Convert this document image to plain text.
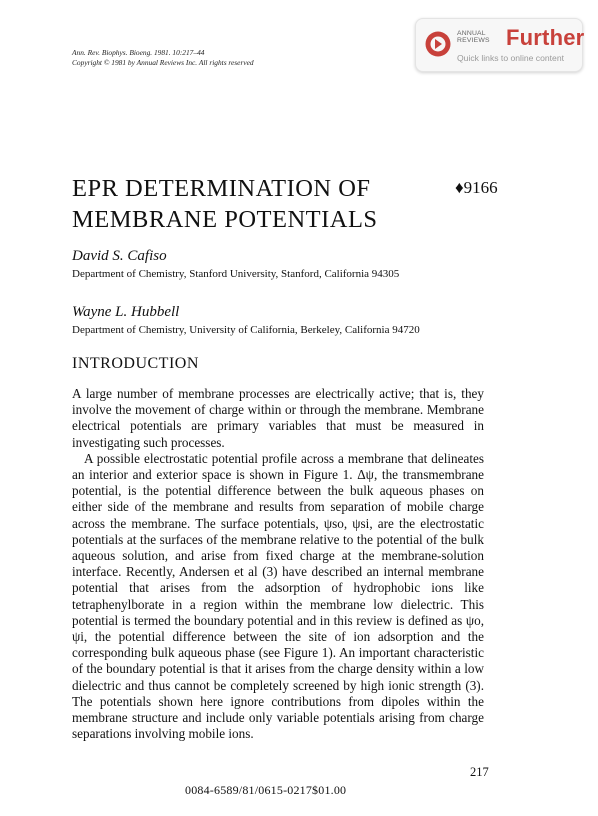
Ann. Rev. Biophys. Bioeng. 1981. 10:217–44
Copyright © 1981 by Annual Reviews Inc. All rights reserved
ANNUAL
REVIEWS Further
Quick links to online content
EPR DETERMINATION OF MEMBRANE POTENTIALS
♦9166
David S. Cafiso
Department of Chemistry, Stanford University, Stanford, California 94305
Wayne L. Hubbell
Department of Chemistry, University of California, Berkeley, California 94720
INTRODUCTION

A large number of membrane processes are electrically active; that is, they involve the movement of charge within or through the membrane. Membrane electrical potentials are primary variables that must be measured in investigating such processes.

A possible electrostatic potential profile across a membrane that delineates an interior and exterior space is shown in Figure 1. Δψ, the transmembrane potential, is the potential difference between the bulk aqueous phases on either side of the membrane and results from separation of mobile charge across the membrane. The surface potentials, ψso, ψsi, are the electrostatic potentials at the surfaces of the membrane relative to the potential of the bulk aqueous solution, and arise from fixed charge at the membrane-solution interface. Recently, Andersen et al (3) have described an internal membrane potential that arises from the adsorption of hydrophobic ions like tetraphenylborate in a region within the membrane low dielectric. This potential is termed the boundary potential and in this review is defined as ψo, ψi, the potential difference between the site of ion adsorption and the corresponding bulk aqueous phase (see Figure 1). An important characteristic of the boundary potential is that it arises from the charge density within a low dielectric and thus cannot be completely screened by high ionic strength (3). The potentials shown here ignore contributions from dipoles within the membrane structure and include only variable potentials arising from charge separations involving mobile ions.

217
0084-6589/81/0615-0217$01.00
